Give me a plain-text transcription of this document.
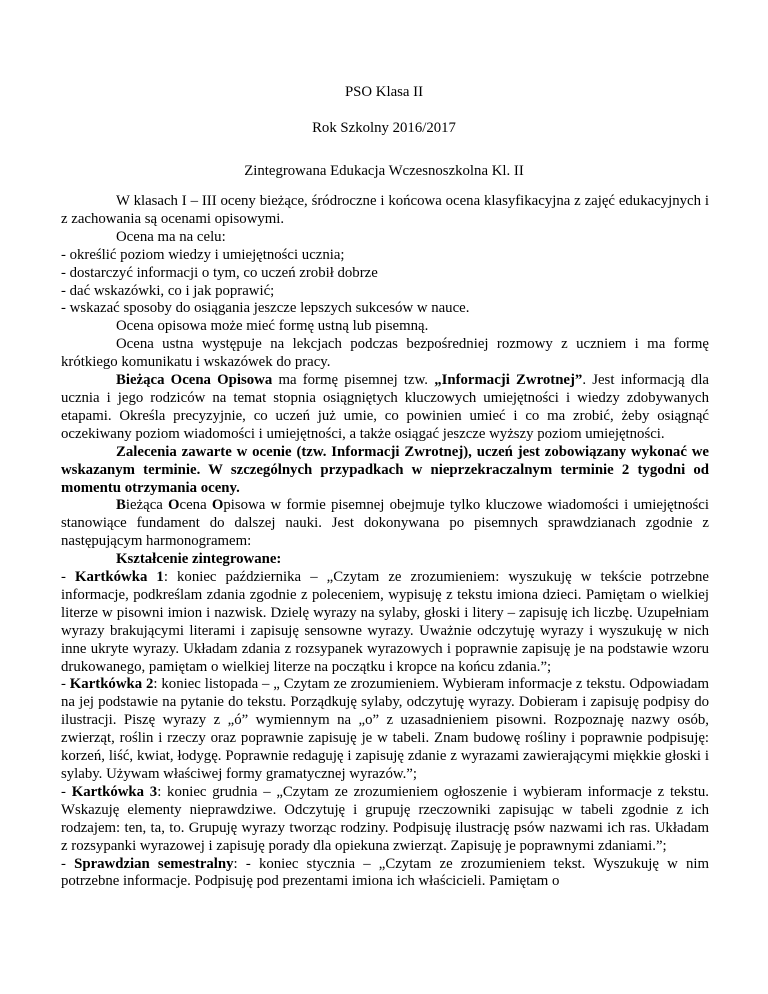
PSO Klasa II
Rok Szkolny 2016/2017
Zintegrowana Edukacja Wczesnoszkolna Kl. II

W klasach I – III oceny bieżące, śródroczne i końcowa ocena klasyfikacyjna z zajęć edukacyjnych i z zachowania są ocenami opisowymi.

Ocena ma na celu:

- określić poziom wiedzy i umiejętności ucznia;

- dostarczyć informacji o tym, co uczeń zrobił dobrze

- dać wskazówki, co i jak poprawić;

- wskazać sposoby do osiągania jeszcze lepszych sukcesów w nauce.

Ocena opisowa może mieć formę ustną lub pisemną.

Ocena ustna występuje na lekcjach podczas bezpośredniej rozmowy z uczniem i ma formę krótkiego komunikatu i wskazówek do pracy.

Bieżąca Ocena Opisowa ma formę pisemnej tzw. „Informacji Zwrotnej”. Jest informacją dla ucznia i jego rodziców na temat stopnia osiągniętych kluczowych umiejętności i wiedzy zdobywanych etapami. Określa precyzyjnie, co uczeń już umie, co powinien umieć i co ma zrobić, żeby osiągnąć oczekiwany poziom wiadomości i umiejętności, a także osiągać jeszcze wyższy poziom umiejętności.

Zalecenia zawarte w ocenie (tzw. Informacji Zwrotnej), uczeń jest zobowiązany wykonać we wskazanym terminie. W szczególnych przypadkach w nieprzekraczalnym terminie 2 tygodni od momentu otrzymania oceny.

Bieżąca Ocena Opisowa w formie pisemnej obejmuje tylko kluczowe wiadomości i umiejętności stanowiące fundament do dalszej nauki. Jest dokonywana po pisemnych sprawdzianach zgodnie z następującym harmonogramem:

Kształcenie zintegrowane:

- Kartkówka 1: koniec października – „Czytam ze zrozumieniem: wyszukuję w tekście potrzebne informacje, podkreślam zdania zgodnie z poleceniem, wypisuję z tekstu imiona dzieci. Pamiętam o wielkiej literze w pisowni imion i nazwisk. Dzielę wyrazy na sylaby, głoski i litery – zapisuję ich liczbę. Uzupełniam wyrazy brakującymi literami i zapisuję sensowne wyrazy. Uważnie odczytuję wyrazy i wyszukuję w nich inne ukryte wyrazy. Układam zdania z rozsypanek wyrazowych i poprawnie zapisuję je na podstawie wzoru drukowanego, pamiętam o wielkiej literze na początku i kropce na końcu zdania.”;

- Kartkówka 2: koniec listopada – „ Czytam ze zrozumieniem. Wybieram informacje z tekstu. Odpowiadam na jej podstawie na pytanie do tekstu. Porządkuję sylaby, odczytuję wyrazy. Dobieram i zapisuję podpisy do ilustracji. Piszę wyrazy z „ó” wymiennym na „o” z uzasadnieniem pisowni. Rozpoznaję nazwy osób, zwierząt, roślin i rzeczy oraz poprawnie zapisuję je w tabeli. Znam budowę rośliny i poprawnie podpisuję: korzeń, liść, kwiat, łodygę. Poprawnie redaguję i zapisuję zdanie z wyrazami zawierającymi miękkie głoski i sylaby. Używam właściwej formy gramatycznej wyrazów.”;

- Kartkówka 3: koniec grudnia – „Czytam ze zrozumieniem ogłoszenie i wybieram informacje z tekstu. Wskazuję elementy nieprawdziwe. Odczytuję i grupuję rzeczowniki zapisując w tabeli zgodnie z ich rodzajem: ten, ta, to. Grupuję wyrazy tworząc rodziny. Podpisuję ilustrację psów nazwami ich ras. Układam z rozsypanki wyrazowej i zapisuję porady dla opiekuna zwierząt. Zapisuję je poprawnymi zdaniami.”;

- Sprawdzian semestralny: - koniec stycznia – „Czytam ze zrozumieniem tekst. Wyszukuję w nim potrzebne informacje. Podpisuję pod prezentami imiona ich właścicieli. Pamiętam o
